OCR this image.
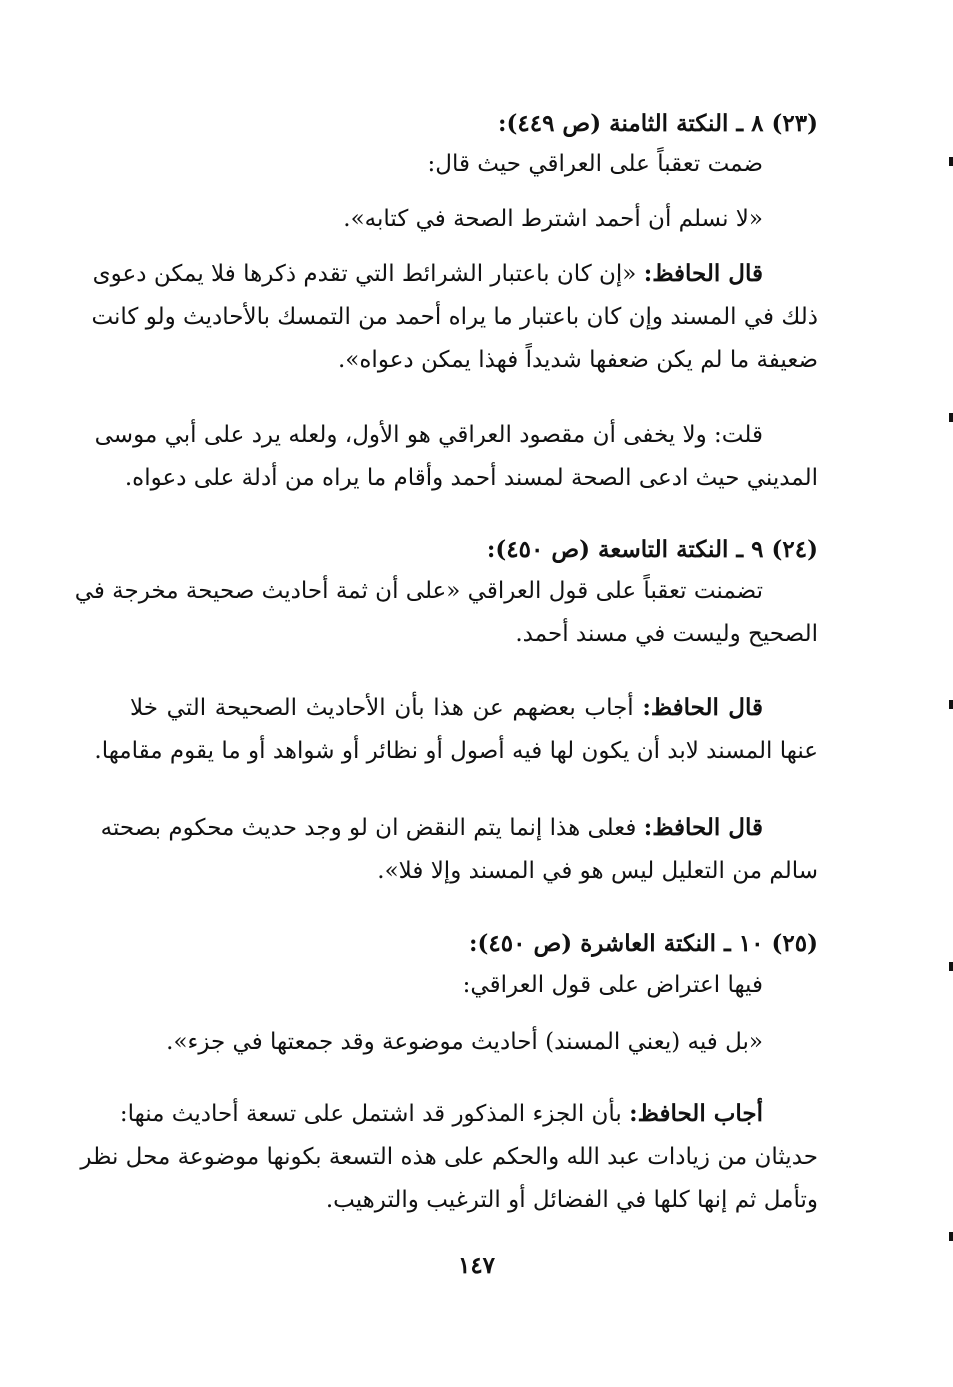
(٢٣) ٨ ـ النكتة الثامنة (ص ٤٤٩):
ضمت تعقباً على العراقي حيث قال:
«لا نسلم أن أحمد اشترط الصحة في كتابه».
قال الحافظ: «إن كان باعتبار الشرائط التي تقدم ذكرها فلا يمكن دعوى
ذلك في المسند وإن كان باعتبار ما يراه أحمد من التمسك بالأحاديث ولو كانت
ضعيفة ما لم يكن ضعفها شديداً فهذا يمكن دعواه».
قلت: ولا يخفى أن مقصود العراقي هو الأول، ولعله يرد على أبي موسى
المديني حيث ادعى الصحة لمسند أحمد وأقام ما يراه من أدلة على دعواه.
(٢٤) ٩ ـ النكتة التاسعة (ص ٤٥٠):
تضمنت تعقباً على قول العراقي «على أن ثمة أحاديث صحيحة مخرجة في
الصحيح وليست في مسند أحمد.
قال الحافظ: أجاب بعضهم عن هذا بأن الأحاديث الصحيحة التي خلا
عنها المسند لابد أن يكون لها فيه أصول أو نظائر أو شواهد أو ما يقوم مقامها.
قال الحافظ: فعلى هذا إنما يتم النقض ان لو وجد حديث محكوم بصحته
سالم من التعليل ليس هو في المسند وإلا فلا».
(٢٥) ١٠ ـ النكتة العاشرة (ص ٤٥٠):
فيها اعتراض على قول العراقي:
«بل فيه (يعني المسند) أحاديث موضوعة وقد جمعتها في جزء».
أجاب الحافظ: بأن الجزء المذكور قد اشتمل على تسعة أحاديث منها:
حديثان من زيادات عبد الله والحكم على هذه التسعة بكونها موضوعة محل نظر
وتأمل ثم إنها كلها في الفضائل أو الترغيب والترهيب.
١٤٧
